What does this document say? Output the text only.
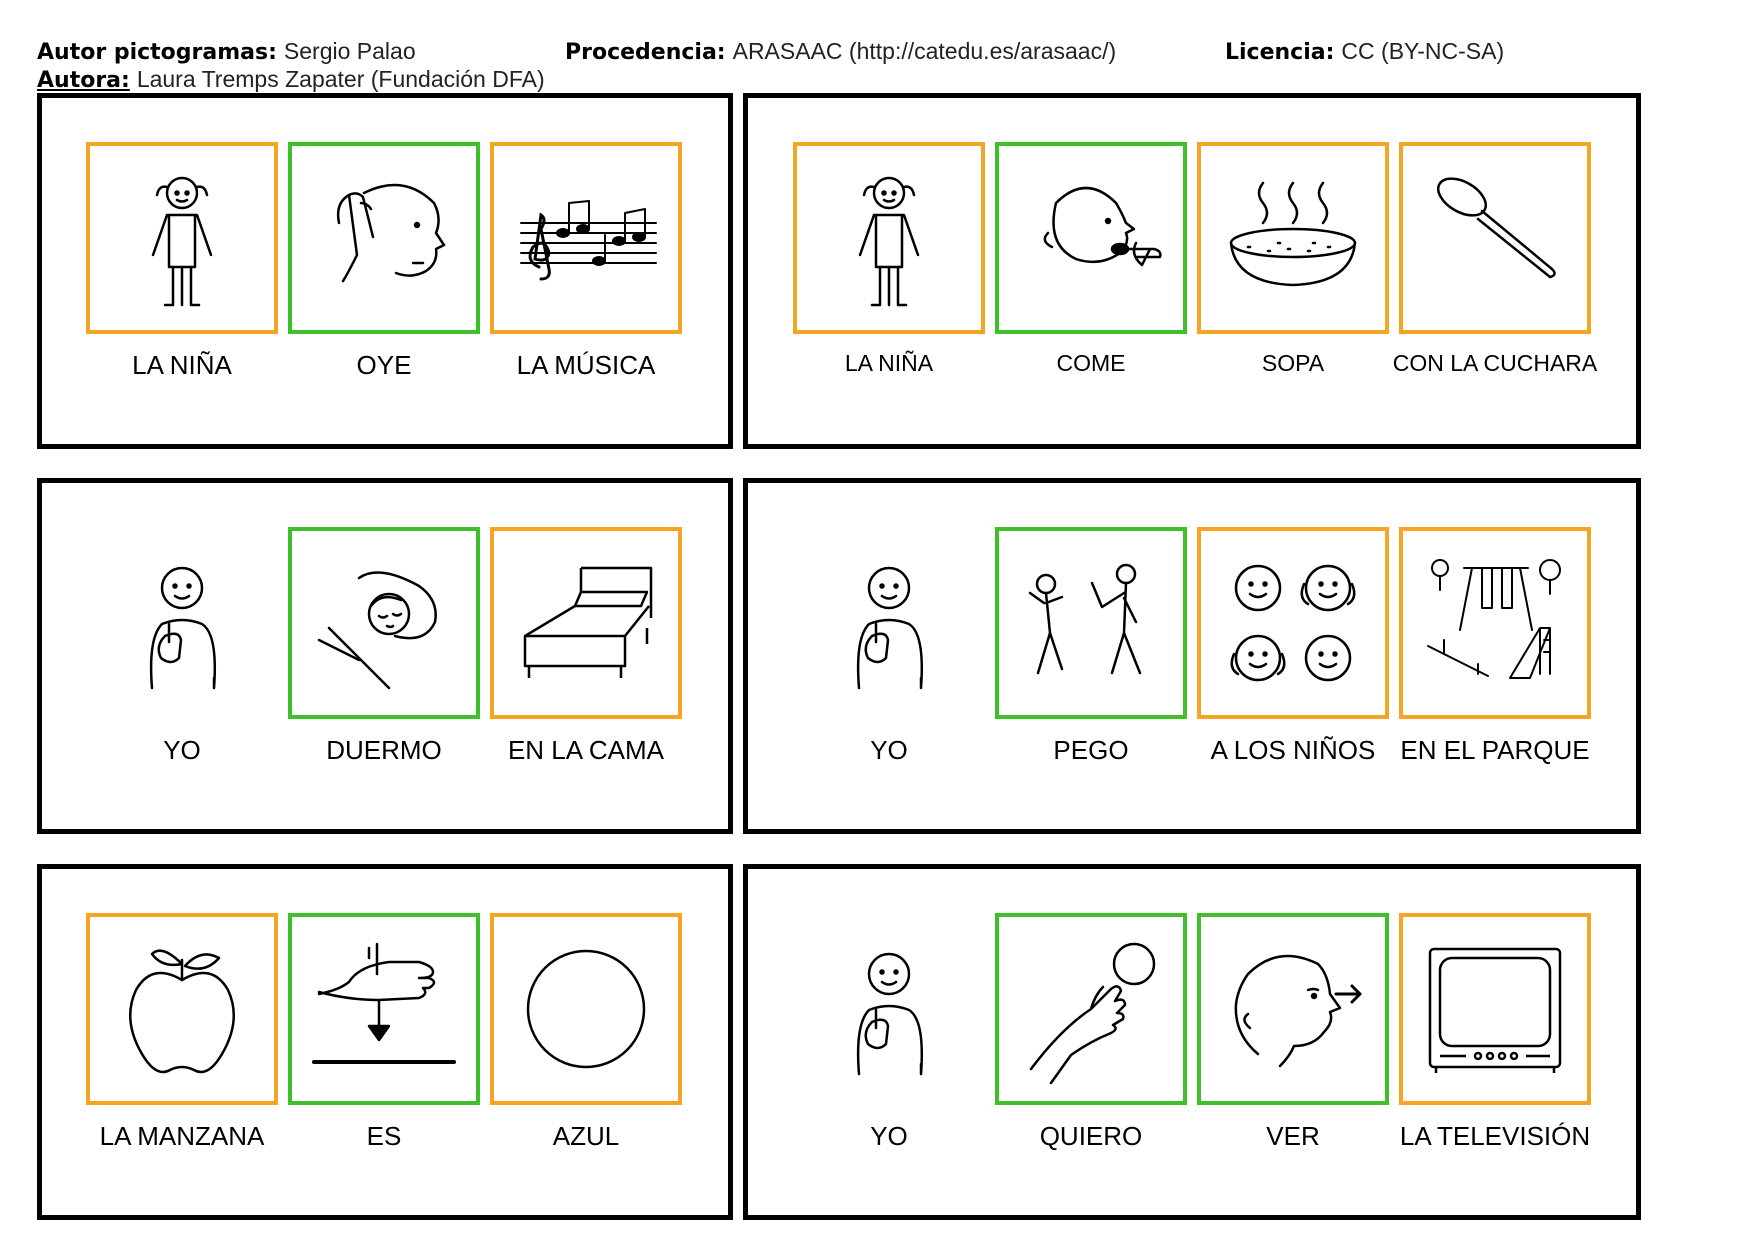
Autor pictogramas: Sergio Palao	Procedencia: ARASAAC (http://catedu.es/arasaac/)	Licencia: CC (BY-NC-SA)
Autora: Laura Tremps Zapater (Fundación DFA)
LA NIÑA	OYE	LA MÚSICA	LA NIÑA	COME	SOPA	CON LA CUCHARA
YO	DUERMO	EN LA CAMA	YO	PEGO	A LOS NIÑOS EN EL PARQUE
LA MANZANA	ES	AZUL	YO	QUIERO	VER	LA TELEVISIÓN
